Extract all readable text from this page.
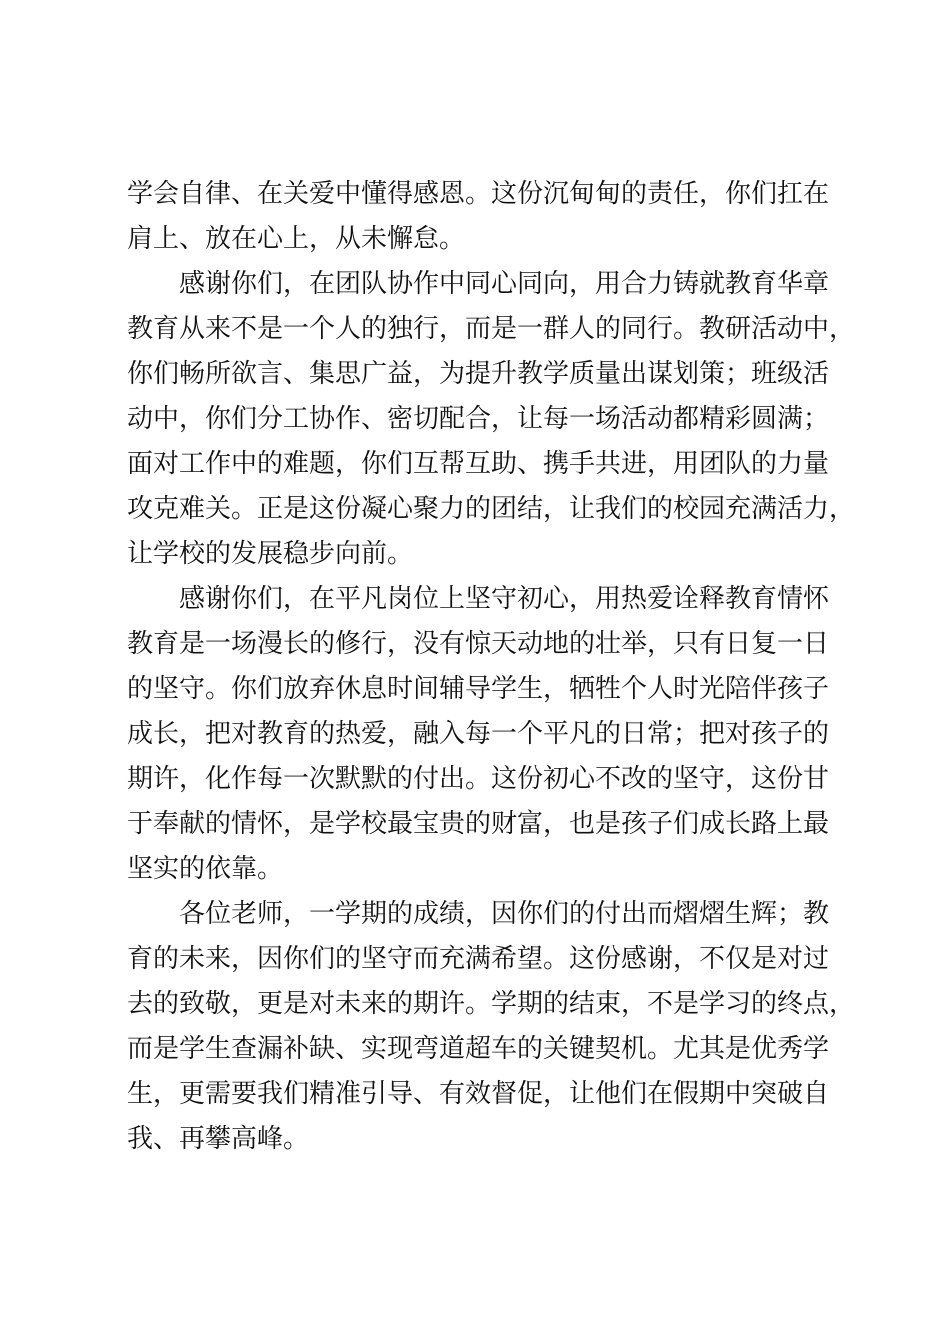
学会自律、在关爱中懂得感恩。这份沉甸甸的责任，你们扛在
肩上、放在心上，从未懈怠。
感谢你们，在团队协作中同心同向，用合力铸就教育华章
教育从来不是一个人的独行，而是一群人的同行。教研活动中，
你们畅所欲言、集思广益，为提升教学质量出谋划策；班级活
动中，你们分工协作、密切配合，让每一场活动都精彩圆满；
面对工作中的难题，你们互帮互助、携手共进，用团队的力量
攻克难关。正是这份凝心聚力的团结，让我们的校园充满活力，
让学校的发展稳步向前。
感谢你们，在平凡岗位上坚守初心，用热爱诠释教育情怀
教育是一场漫长的修行，没有惊天动地的壮举，只有日复一日
的坚守。你们放弃休息时间辅导学生，牺牲个人时光陪伴孩子
成长，把对教育的热爱，融入每一个平凡的日常；把对孩子的
期许，化作每一次默默的付出。这份初心不改的坚守，这份甘
于奉献的情怀，是学校最宝贵的财富，也是孩子们成长路上最
坚实的依靠。
各位老师，一学期的成绩，因你们的付出而熠熠生辉；教
育的未来，因你们的坚守而充满希望。这份感谢，不仅是对过
去的致敬，更是对未来的期许。学期的结束，不是学习的终点，
而是学生查漏补缺、实现弯道超车的关键契机。尤其是优秀学
生，更需要我们精准引导、有效督促，让他们在假期中突破自
我、再攀高峰。
